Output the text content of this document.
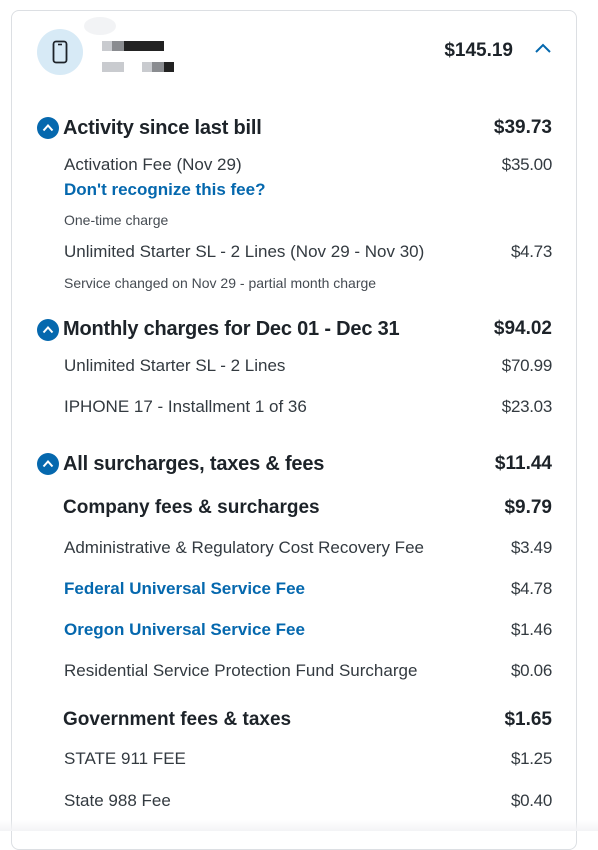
$145.19
Activity since last bill	$39.73
Activation Fee (Nov 29)	$35.00
Don't recognize this fee?
One-time charge
Unlimited Starter SL - 2 Lines (Nov 29 - Nov 30)	$4.73
Service changed on Nov 29 - partial month charge
Monthly charges for Dec 01 - Dec 31	$94.02
Unlimited Starter SL - 2 Lines	$70.99
IPHONE 17 - Installment 1 of 36	$23.03
All surcharges, taxes & fees	$11.44
Company fees & surcharges	$9.79
Administrative & Regulatory Cost Recovery Fee	$3.49
Federal Universal Service Fee	$4.78
Oregon Universal Service Fee	$1.46
Residential Service Protection Fund Surcharge	$0.06
Government fees & taxes	$1.65
STATE 911 FEE	$1.25
State 988 Fee	$0.40
